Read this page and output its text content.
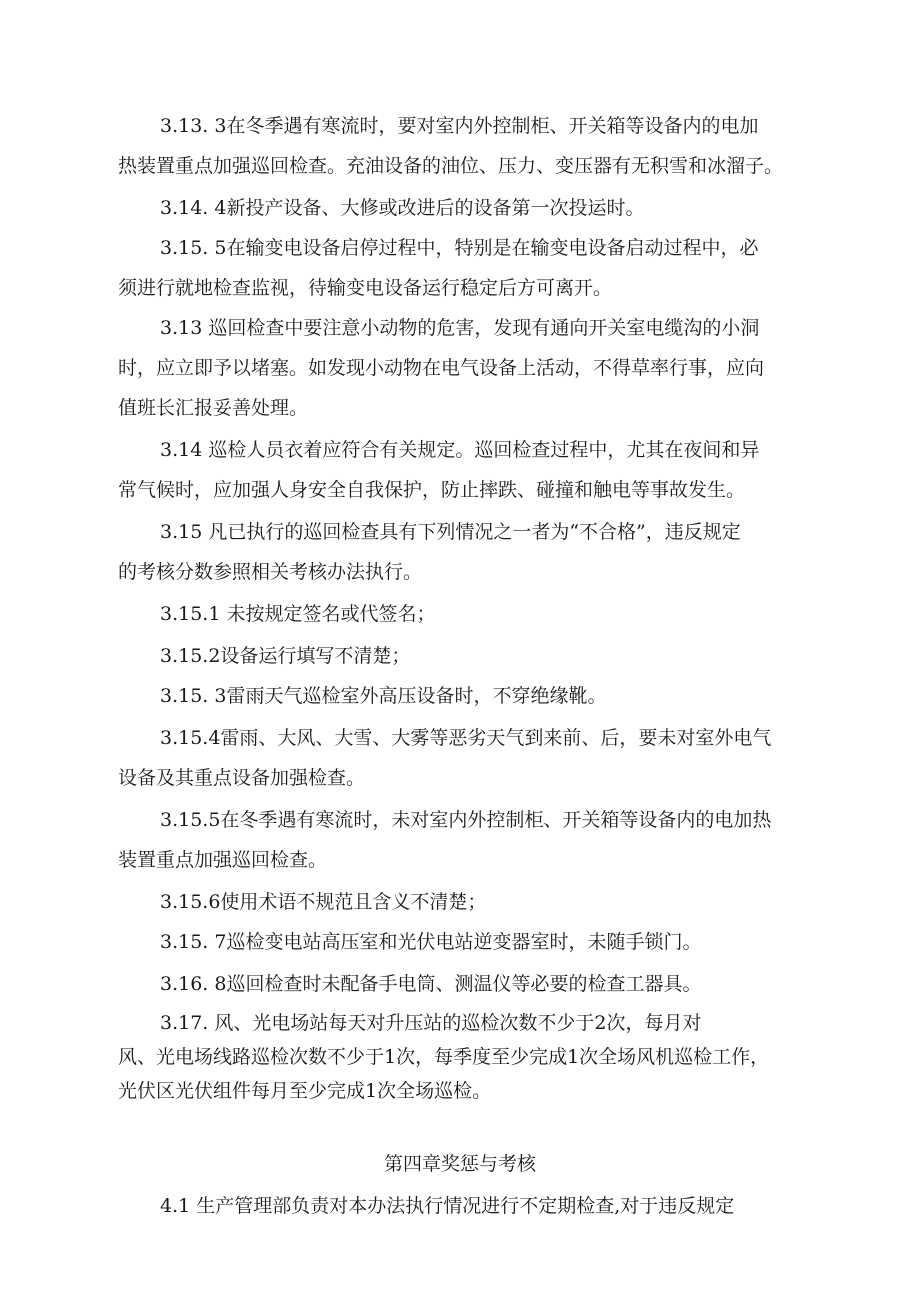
3.13. 3在冬季遇有寒流时，要对室内外控制柜、开关箱等设备内的电加
热装置重点加强巡回检查。充油设备的油位、压力、变压器有无积雪和冰溜子。
3.14. 4新投产设备、大修或改进后的设备第一次投运时。
3.15. 5在输变电设备启停过程中，特别是在输变电设备启动过程中，必
须进行就地检查监视，待输变电设备运行稳定后方可离开。
3.13 巡回检查中要注意小动物的危害，发现有通向开关室电缆沟的小洞
时，应立即予以堵塞。如发现小动物在电气设备上活动，不得草率行事，应向
值班长汇报妥善处理。
3.14 巡检人员衣着应符合有关规定。巡回检查过程中，尤其在夜间和异
常气候时，应加强人身安全自我保护，防止摔跌、碰撞和触电等事故发生。
3.15 凡已执行的巡回检查具有下列情况之一者为“不合格”，违反规定
的考核分数参照相关考核办法执行。
3.15.1 未按规定签名或代签名；
3.15.2设备运行填写不清楚；
3.15. 3雷雨天气巡检室外高压设备时，不穿绝缘靴。
3.15.4雷雨、大风、大雪、大雾等恶劣天气到来前、后，要未对室外电气
设备及其重点设备加强检查。
3.15.5在冬季遇有寒流时，未对室内外控制柜、开关箱等设备内的电加热
装置重点加强巡回检查。
3.15.6使用术语不规范且含义不清楚；
3.15. 7巡检变电站高压室和光伏电站逆变器室时，未随手锁门。
3.16. 8巡回检查时未配备手电筒、测温仪等必要的检查工器具。
3.17. 风、光电场站每天对升压站的巡检次数不少于2次，每月对
风、光电场线路巡检次数不少于1次，每季度至少完成1次全场风机巡检工作，
光伏区光伏组件每月至少完成1次全场巡检。
第四章奖惩与考核
4.1 生产管理部负责对本办法执行情况进行不定期检查,对于违反规定
